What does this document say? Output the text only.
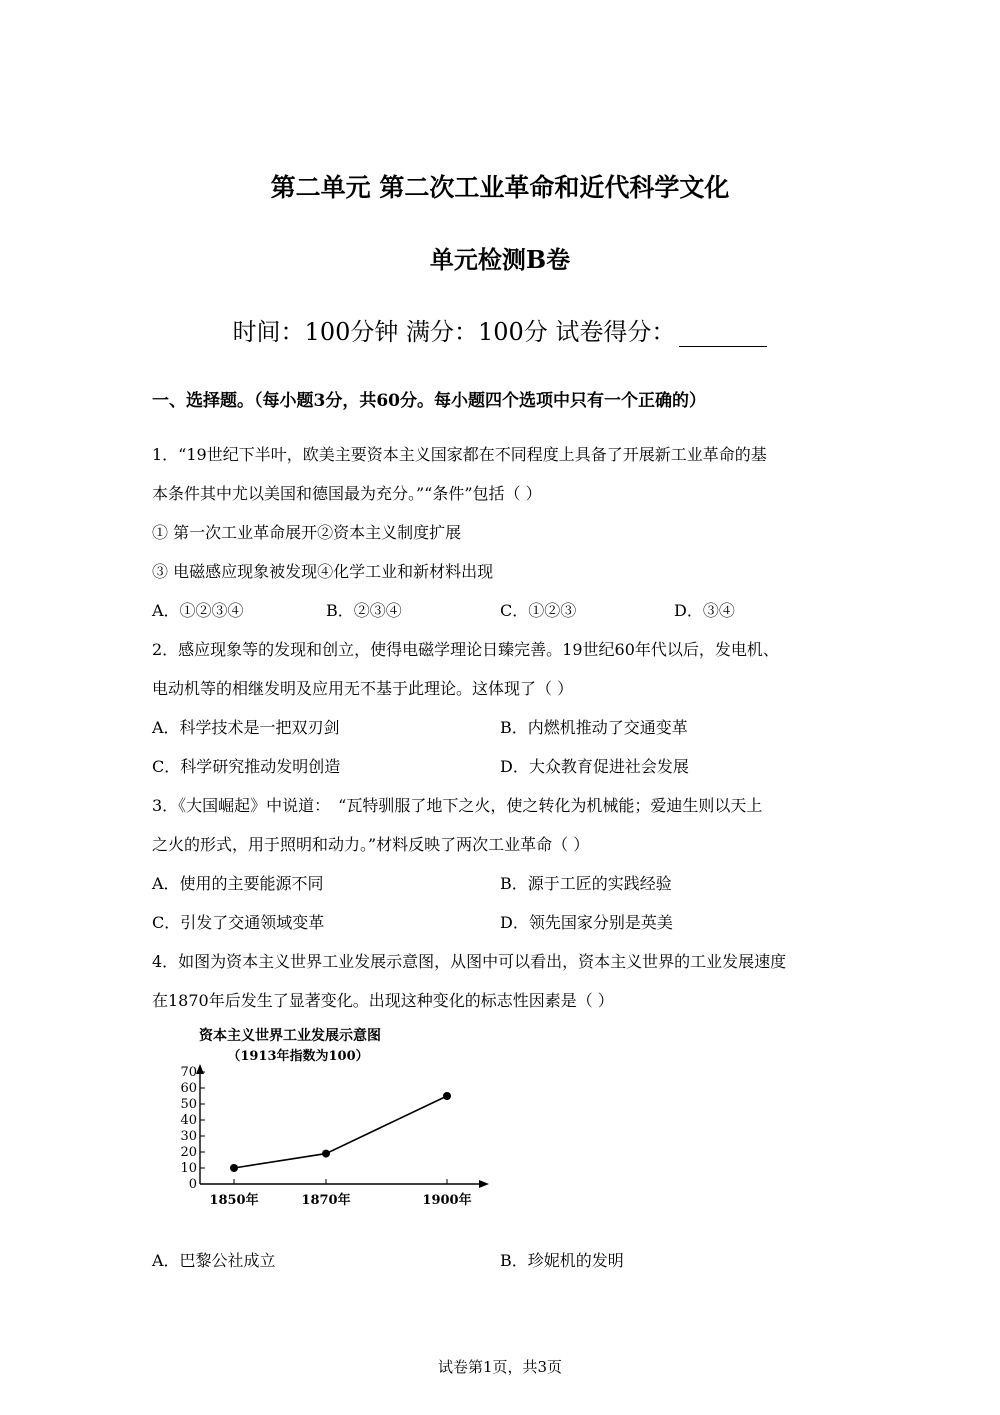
第二单元 第二次工业革命和近代科学文化
单元检测B卷
时间：100分钟 满分：100分 试卷得分：
一、选择题。（每小题3分，共60分。每小题四个选项中只有一个正确的）
1．“19世纪下半叶，欧美主要资本主义国家都在不同程度上具备了开展新工业革命的基
本条件其中尤以美国和德国最为充分。”“条件”包括（ ）
① 第一次工业革命展开②资本主义制度扩展
③ 电磁感应现象被发现④化学工业和新材料出现
A．①②③④	B．②③④	C．①②③	D．③④
2．感应现象等的发现和创立，使得电磁学理论日臻完善。19世纪60年代以后，发电机、
电动机等的相继发明及应用无不基于此理论。这体现了（ ）
A．科学技术是一把双刃剑	B．内燃机推动了交通变革
C．科学研究推动发明创造	D．大众教育促进社会发展
3．《大国崛起》中说道：　“瓦特驯服了地下之火，使之转化为机械能；爱迪生则以天上
之火的形式，用于照明和动力。”材料反映了两次工业革命（ ）
A．使用的主要能源不同	B．源于工匠的实践经验
C．引发了交通领域变革	D．领先国家分别是英美
4．如图为资本主义世界工业发展示意图，从图中可以看出，资本主义世界的工业发展速度
在1870年后发生了显著变化。出现这种变化的标志性因素是（ ）
资本主义世界工业发展示意图
（1913年指数为100）
0
10
20
30
40
50
60
70
1850年	1870年	1900年
A．巴黎公社成立	B．珍妮机的发明
试卷第1页，共3页
